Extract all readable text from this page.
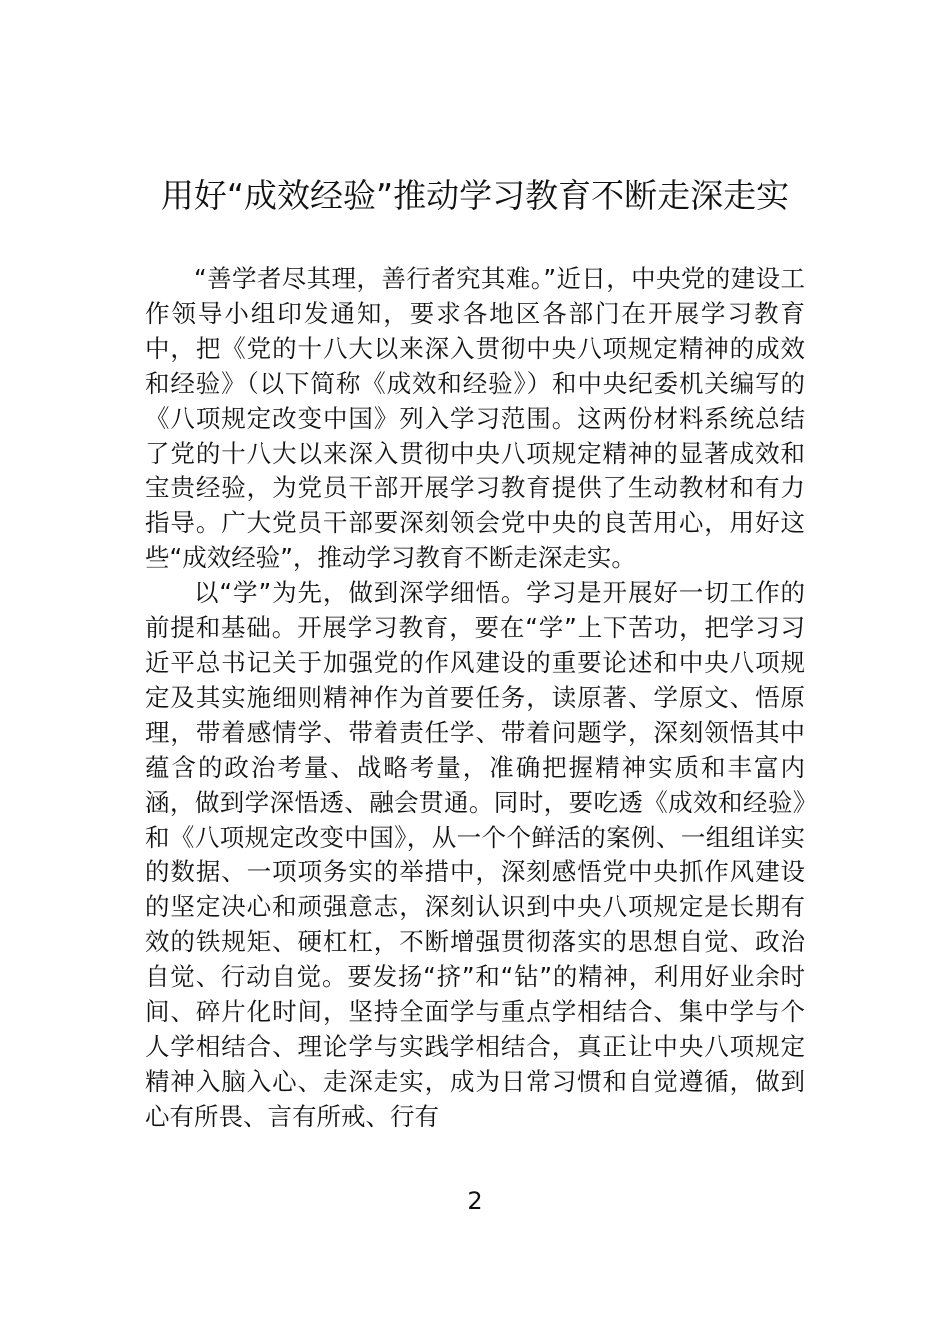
用好“成效经验”推动学习教育不断走深走实

“善学者尽其理，善行者究其难。”近日，中央党的建设工作领导小组印发通知，要求各地区各部门在开展学习教育中，把《党的十八大以来深入贯彻中央八项规定精神的成效和经验》（以下简称《成效和经验》）和中央纪委机关编写的《八项规定改变中国》列入学习范围。这两份材料系统总结了党的十八大以来深入贯彻中央八项规定精神的显著成效和宝贵经验，为党员干部开展学习教育提供了生动教材和有力指导。广大党员干部要深刻领会党中央的良苦用心，用好这些“成效经验”，推动学习教育不断走深走实。

以“学”为先，做到深学细悟。学习是开展好一切工作的前提和基础。开展学习教育，要在“学”上下苦功，把学习习近平总书记关于加强党的作风建设的重要论述和中央八项规定及其实施细则精神作为首要任务，读原著、学原文、悟原理，带着感情学、带着责任学、带着问题学，深刻领悟其中蕴含的政治考量、战略考量，准确把握精神实质和丰富内涵，做到学深悟透、融会贯通。同时，要吃透《成效和经验》和《八项规定改变中国》，从一个个鲜活的案例、一组组详实的数据、一项项务实的举措中，深刻感悟党中央抓作风建设的坚定决心和顽强意志，深刻认识到中央八项规定是长期有效的铁规矩、硬杠杠，不断增强贯彻落实的思想自觉、政治自觉、行动自觉。要发扬“挤”和“钻”的精神，利用好业余时间、碎片化时间，坚持全面学与重点学相结合、集中学与个人学相结合、理论学与实践学相结合，真正让中央八项规定精神入脑入心、走深走实，成为日常习惯和自觉遵循，做到心有所畏、言有所戒、行有

2
